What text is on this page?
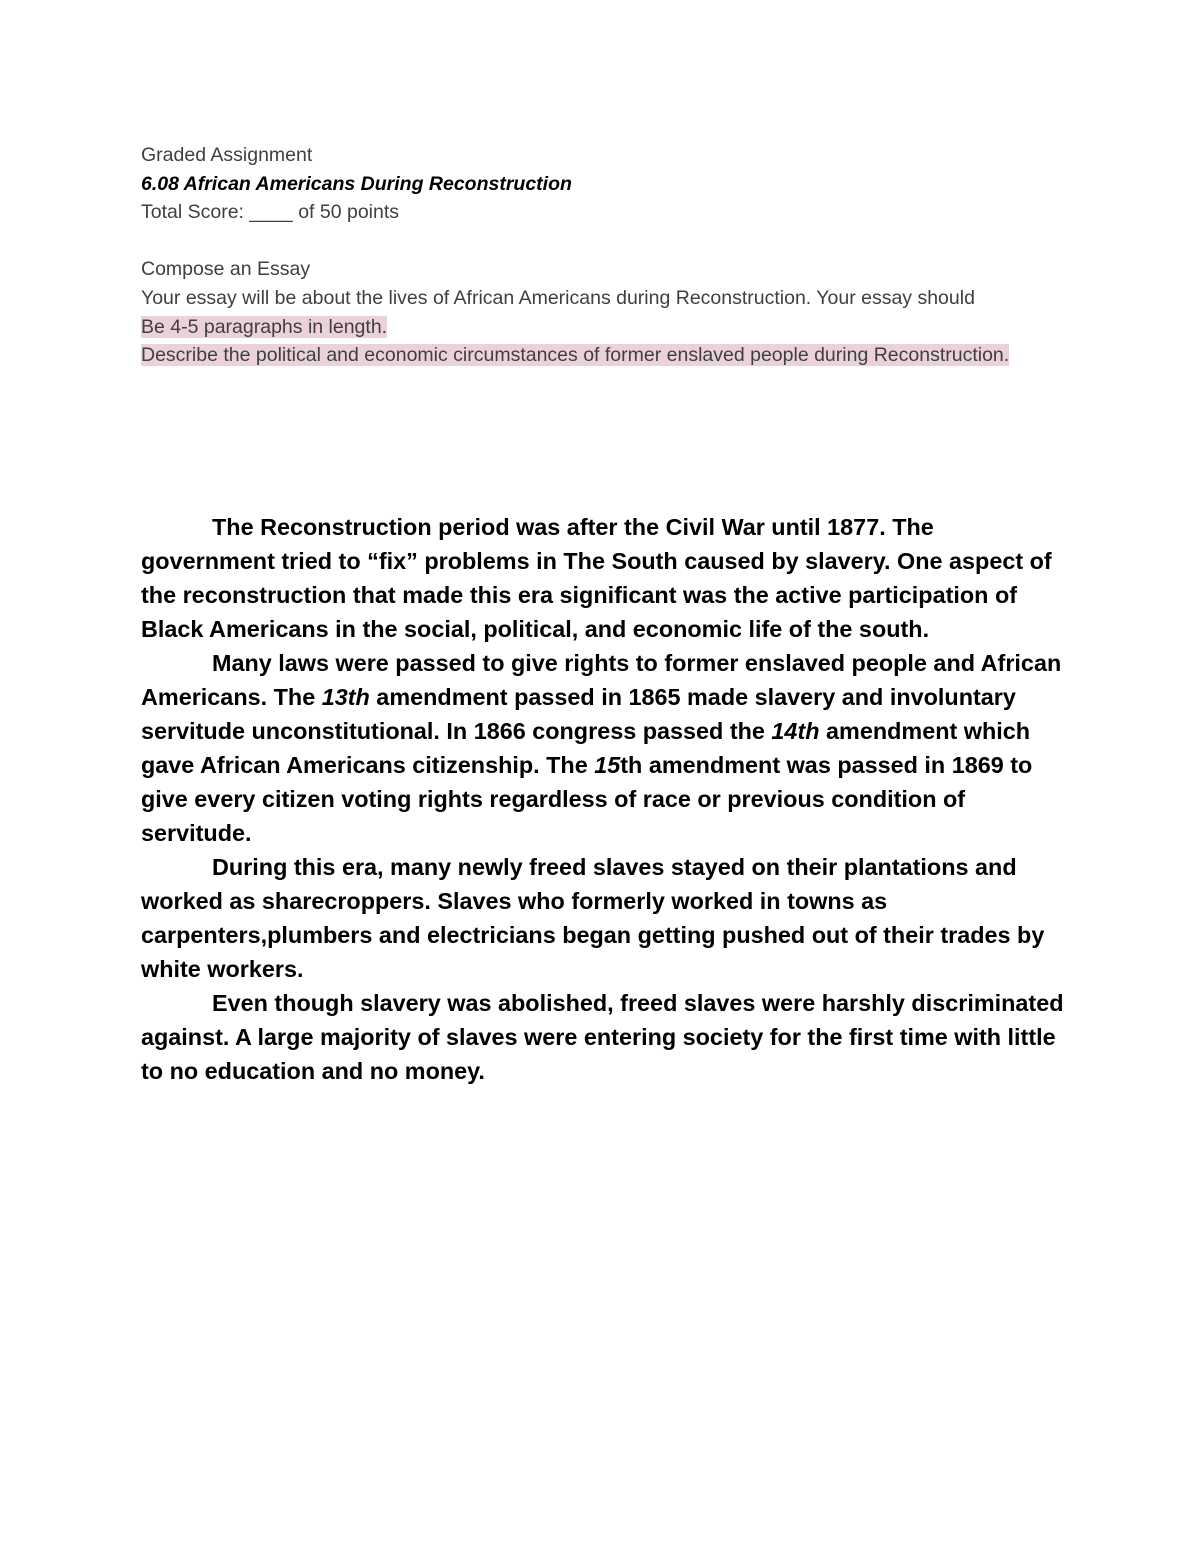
Graded Assignment

6.08 African Americans During Reconstruction

Total Score: ____ of 50 points

Compose an Essay

Your essay will be about the lives of African Americans during Reconstruction. Your essay should

Be 4-5 paragraphs in length.

Describe the political and economic circumstances of former enslaved people during Reconstruction.

The Reconstruction period was after the Civil War until 1877. The government tried to “fix” problems in The South caused by slavery. One aspect of the reconstruction that made this era significant was the active participation of Black Americans in the social, political, and economic life of the south.

Many laws were passed to give rights to former enslaved people and African Americans. The 13th amendment passed in 1865 made slavery and involuntary servitude unconstitutional. In 1866 congress passed the 14th amendment which gave African Americans citizenship. The 15th amendment was passed in 1869 to give every citizen voting rights regardless of race or previous condition of servitude.

During this era, many newly freed slaves stayed on their plantations and worked as sharecroppers. Slaves who formerly worked in towns as carpenters,plumbers and electricians began getting pushed out of their trades by white workers.

Even though slavery was abolished, freed slaves were harshly discriminated against. A large majority of slaves were entering society for the first time with little to no education and no money.
